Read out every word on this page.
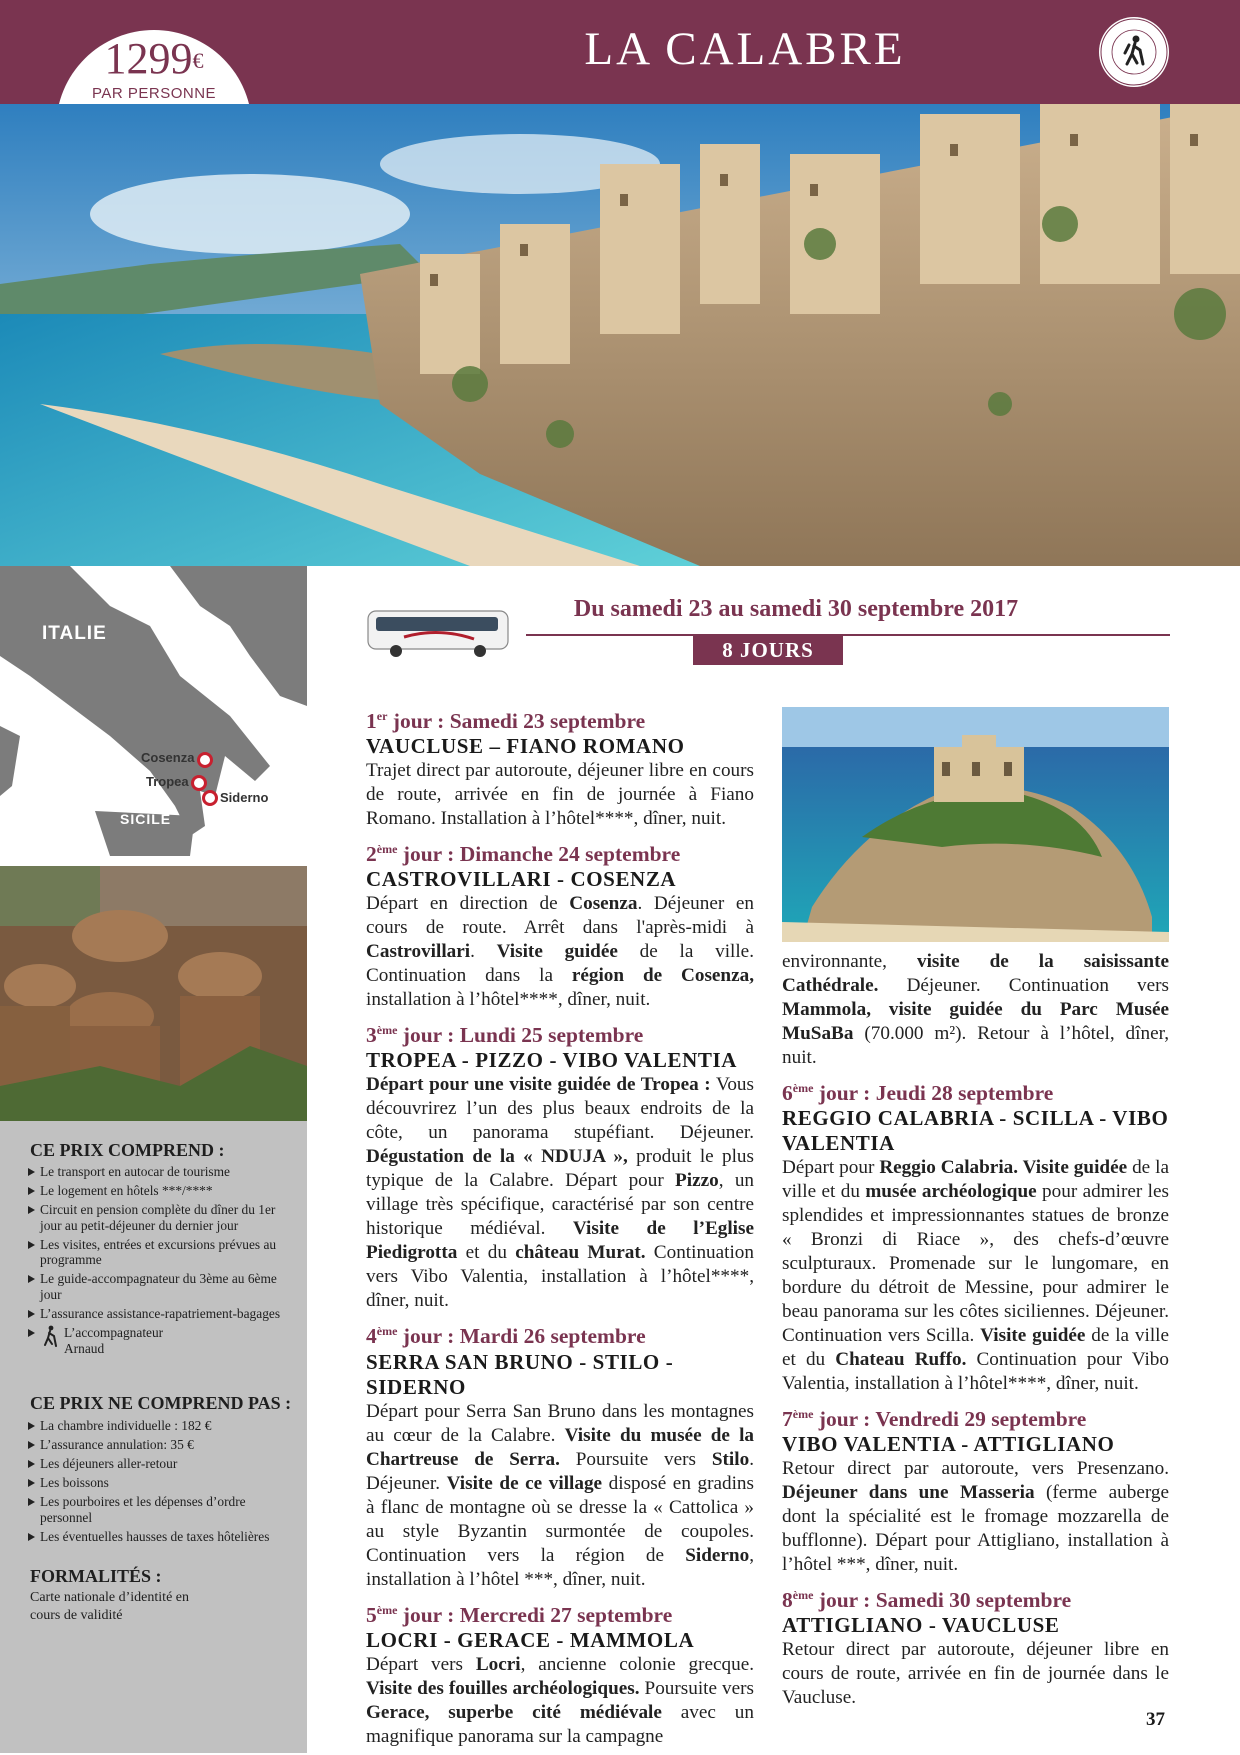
LA CALABRE
1299€
PAR PERSONNE
ITALIE
SICILE
Cosenza
Tropea
Siderno
CE PRIX COMPREND :
Le transport en autocar de tourisme
Le logement en hôtels ***/****
Circuit en pension complète du dîner du 1er jour au petit-déjeuner du dernier jour
Les visites, entrées et excursions prévues au programme
Le guide-accompagnateur du 3ème au 6ème jour
L’assurance assistance-rapatriement-bagages
L’accompagnateur Arnaud
CE PRIX NE COMPREND PAS :
La chambre individuelle : 182 €
L’assurance annulation: 35 €
Les déjeuners aller-retour
Les boissons
Les pourboires et les dépenses d’ordre personnel
Les éventuelles hausses de taxes hôtelières
FORMALITÉS :
Carte nationale d’identité en cours de validité
Du samedi 23 au samedi 30 septembre 2017
8 JOURS

1er jour : Samedi 23 septembre

VAUCLUSE – FIANO ROMANO

Trajet direct par autoroute, déjeuner libre en cours de route, arrivée en fin de journée à Fiano Romano. Installation à l’hôtel****, dîner, nuit.

2ème jour : Dimanche 24 septembre

CASTROVILLARI - COSENZA

Départ en direction de Cosenza. Déjeuner en cours de route. Arrêt dans l'après-midi à Castrovillari. Visite guidée de la ville. Continuation dans la région de Cosenza, installation à l’hôtel****, dîner, nuit.

3ème jour : Lundi 25 septembre

TROPEA - PIZZO - VIBO VALENTIA

Départ pour une visite guidée de Tropea : Vous découvrirez l’un des plus beaux endroits de la côte, un panorama stupéfiant. Déjeuner. Dégustation de la « NDUJA », produit le plus typique de la Calabre. Départ pour Pizzo, un village très spécifique, caractérisé par son centre historique médiéval. Visite de l’Eglise Piedigrotta et du château Murat. Continuation vers Vibo Valentia, installation à l’hôtel****, dîner, nuit.

4ème jour : Mardi 26 septembre

SERRA SAN BRUNO - STILO - SIDERNO

Départ pour Serra San Bruno dans les montagnes au cœur de la Calabre. Visite du musée de la Chartreuse de Serra. Poursuite vers Stilo. Déjeuner. Visite de ce village disposé en gradins à flanc de montagne où se dresse la « Cattolica » au style Byzantin surmontée de coupoles. Continuation vers la région de Siderno, installation à l’hôtel ***, dîner, nuit.

5ème jour : Mercredi 27 septembre

LOCRI - GERACE - MAMMOLA

Départ vers Locri, ancienne colonie grecque. Visite des fouilles archéologiques. Poursuite vers Gerace, superbe cité médiévale avec un magnifique panorama sur la campagne

environnante, visite de la saisissante Cathédrale. Déjeuner. Continuation vers Mammola, visite guidée du Parc Musée MuSaBa (70.000 m²). Retour à l’hôtel, dîner, nuit.

6ème jour : Jeudi 28 septembre

REGGIO CALABRIA - SCILLA - VIBO VALENTIA

Départ pour Reggio Calabria. Visite guidée de la ville et du musée archéologique pour admirer les splendides et impressionnantes statues de bronze « Bronzi di Riace », des chefs-d’œuvre sculpturaux. Promenade sur le lungomare, en bordure du détroit de Messine, pour admirer le beau panorama sur les côtes siciliennes. Déjeuner. Continuation vers Scilla. Visite guidée de la ville et du Chateau Ruffo. Continuation pour Vibo Valentia, installation à l’hôtel****, dîner, nuit.

7ème jour : Vendredi 29 septembre

VIBO VALENTIA - ATTIGLIANO

Retour direct par autoroute, vers Presenzano. Déjeuner dans une Masseria (ferme auberge dont la spécialité est le fromage mozzarella de bufflonne). Départ pour Attigliano, installation à l’hôtel ***, dîner, nuit.

8ème jour : Samedi 30 septembre

ATTIGLIANO - VAUCLUSE

Retour direct par autoroute, déjeuner libre en cours de route, arrivée en fin de journée dans le Vaucluse.

37
